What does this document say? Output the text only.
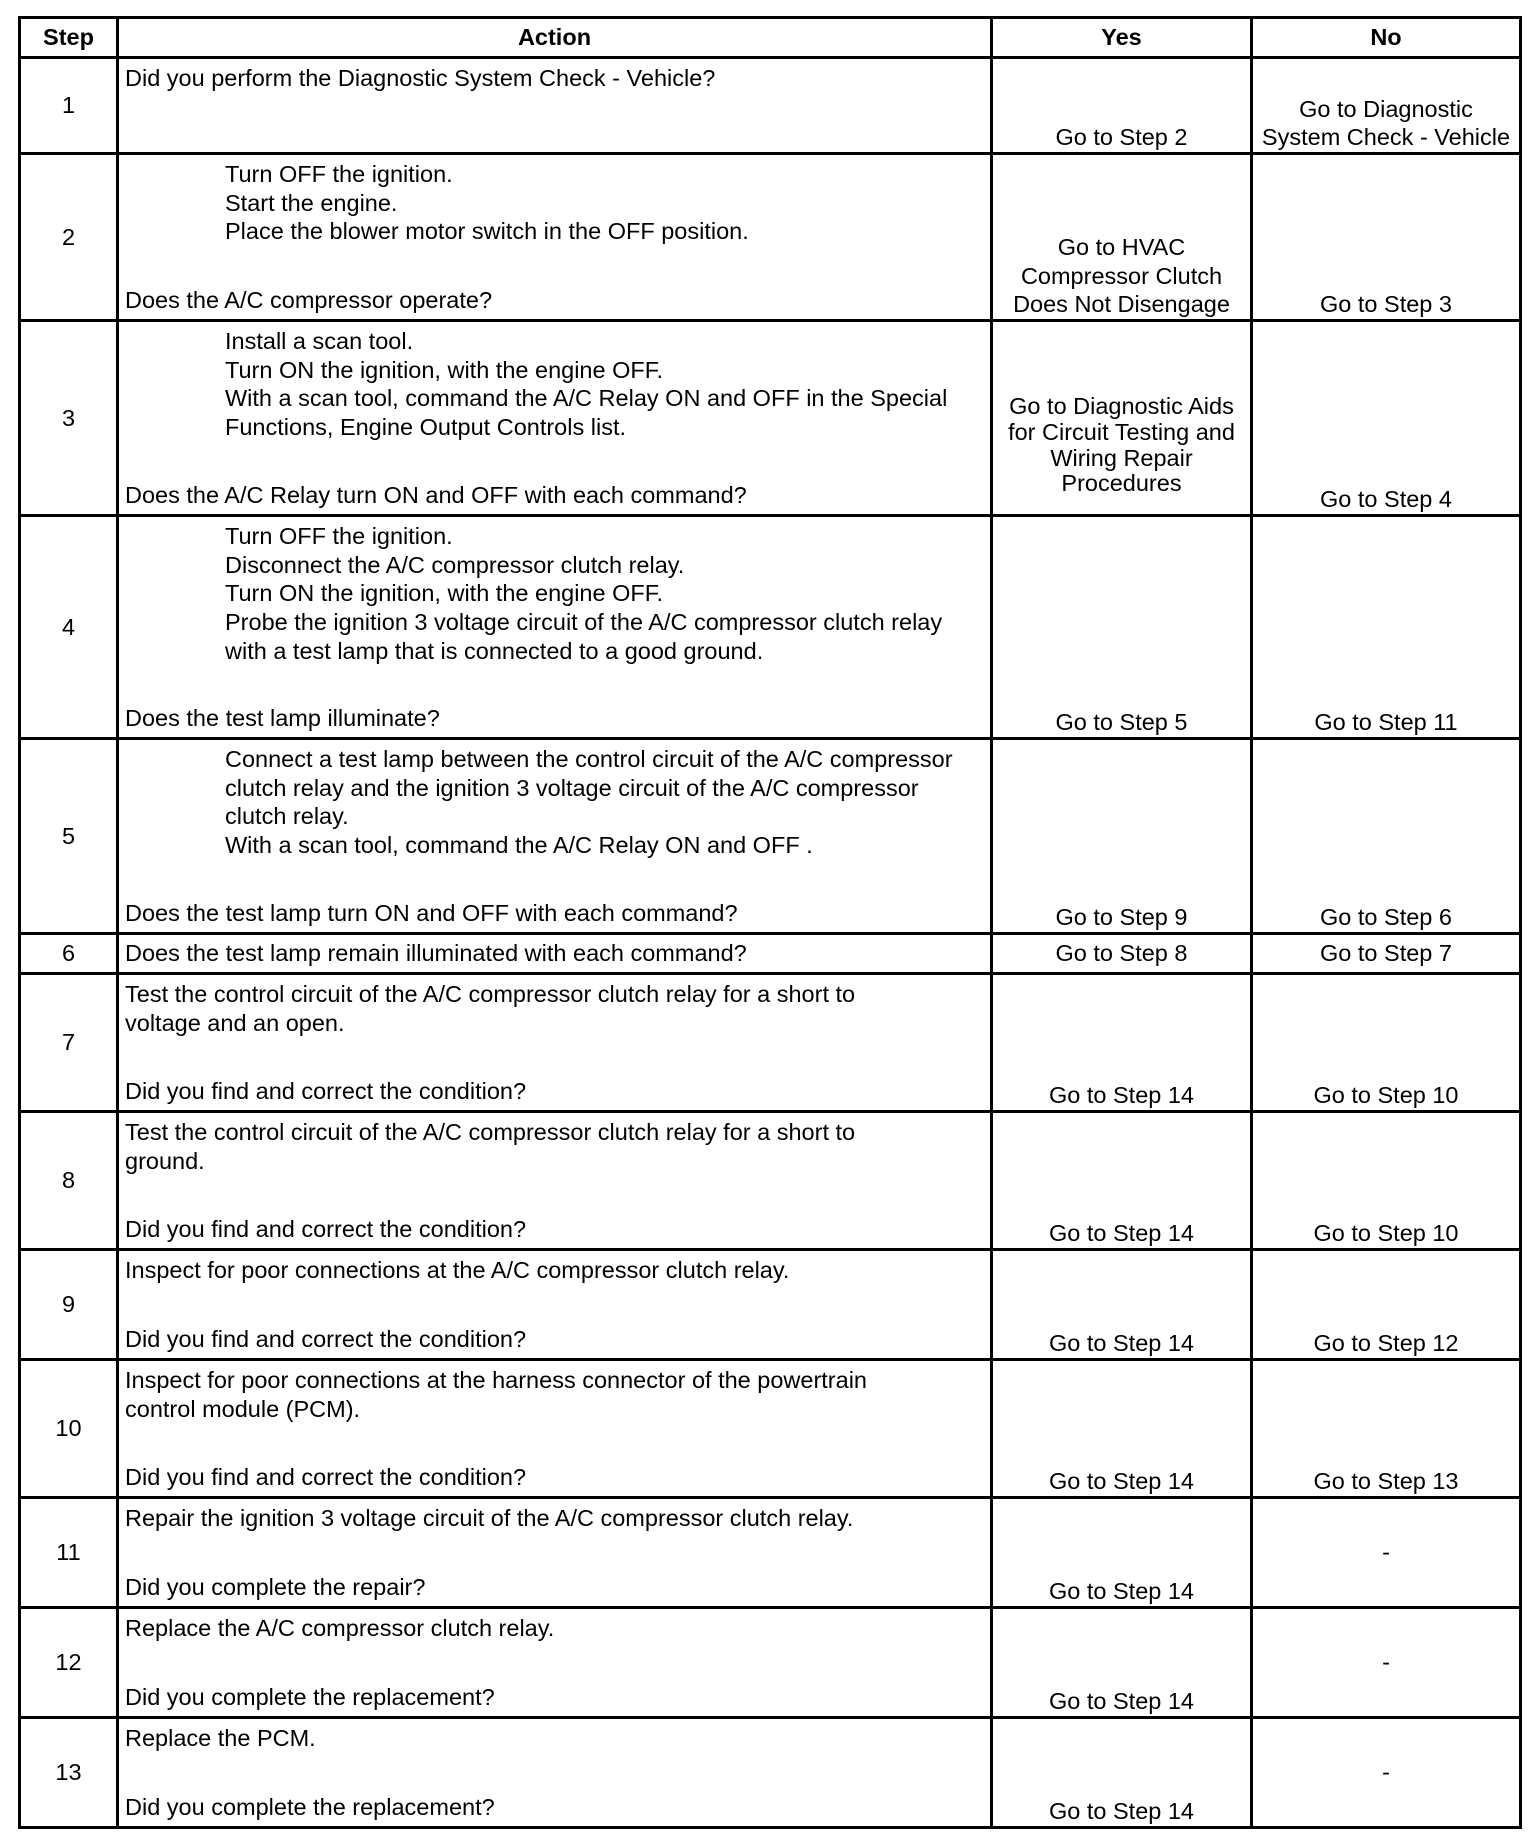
Step	Action	Yes	No
1	Did you perform the Diagnostic System Check - Vehicle?	Go to Step 2	Go to Diagnostic System Check - Vehicle

2	Turn OFF the ignition.
Start the engine.
Place the blower motor switch in the OFF position.
Does the A/C compressor operate?	Go to HVAC Compressor Clutch Does Not Disengage	Go to Step 3

3	Install a scan tool.
Turn ON the ignition, with the engine OFF.
With a scan tool, command the A/C Relay ON and OFF in the Special Functions, Engine Output Controls list.
Does the A/C Relay turn ON and OFF with each command?	Go to Diagnostic Aids for Circuit Testing and Wiring Repair Procedures	Go to Step 4

4	Turn OFF the ignition.
Disconnect the A/C compressor clutch relay.
Turn ON the ignition, with the engine OFF.
Probe the ignition 3 voltage circuit of the A/C compressor clutch relay with a test lamp that is connected to a good ground.
Does the test lamp illuminate?	Go to Step 5	Go to Step 11

5	Connect a test lamp between the control circuit of the A/C compressor clutch relay and the ignition 3 voltage circuit of the A/C compressor clutch relay.
With a scan tool, command the A/C Relay ON and OFF .
Does the test lamp turn ON and OFF with each command?	Go to Step 9	Go to Step 6

6	Does the test lamp remain illuminated with each command?	Go to Step 8	Go to Step 7

7	Test the control circuit of the A/C compressor clutch relay for a short to voltage and an open.
Did you find and correct the condition?	Go to Step 14	Go to Step 10

8	Test the control circuit of the A/C compressor clutch relay for a short to ground.
Did you find and correct the condition?	Go to Step 14	Go to Step 10

9	Inspect for poor connections at the A/C compressor clutch relay.
Did you find and correct the condition?	Go to Step 14	Go to Step 12

10	Inspect for poor connections at the harness connector of the powertrain control module (PCM).
Did you find and correct the condition?	Go to Step 14	Go to Step 13

11	Repair the ignition 3 voltage circuit of the A/C compressor clutch relay.
Did you complete the repair?	Go to Step 14	-

12	Replace the A/C compressor clutch relay.
Did you complete the replacement?	Go to Step 14	-

13	Replace the PCM.
Did you complete the replacement?	Go to Step 14	-
